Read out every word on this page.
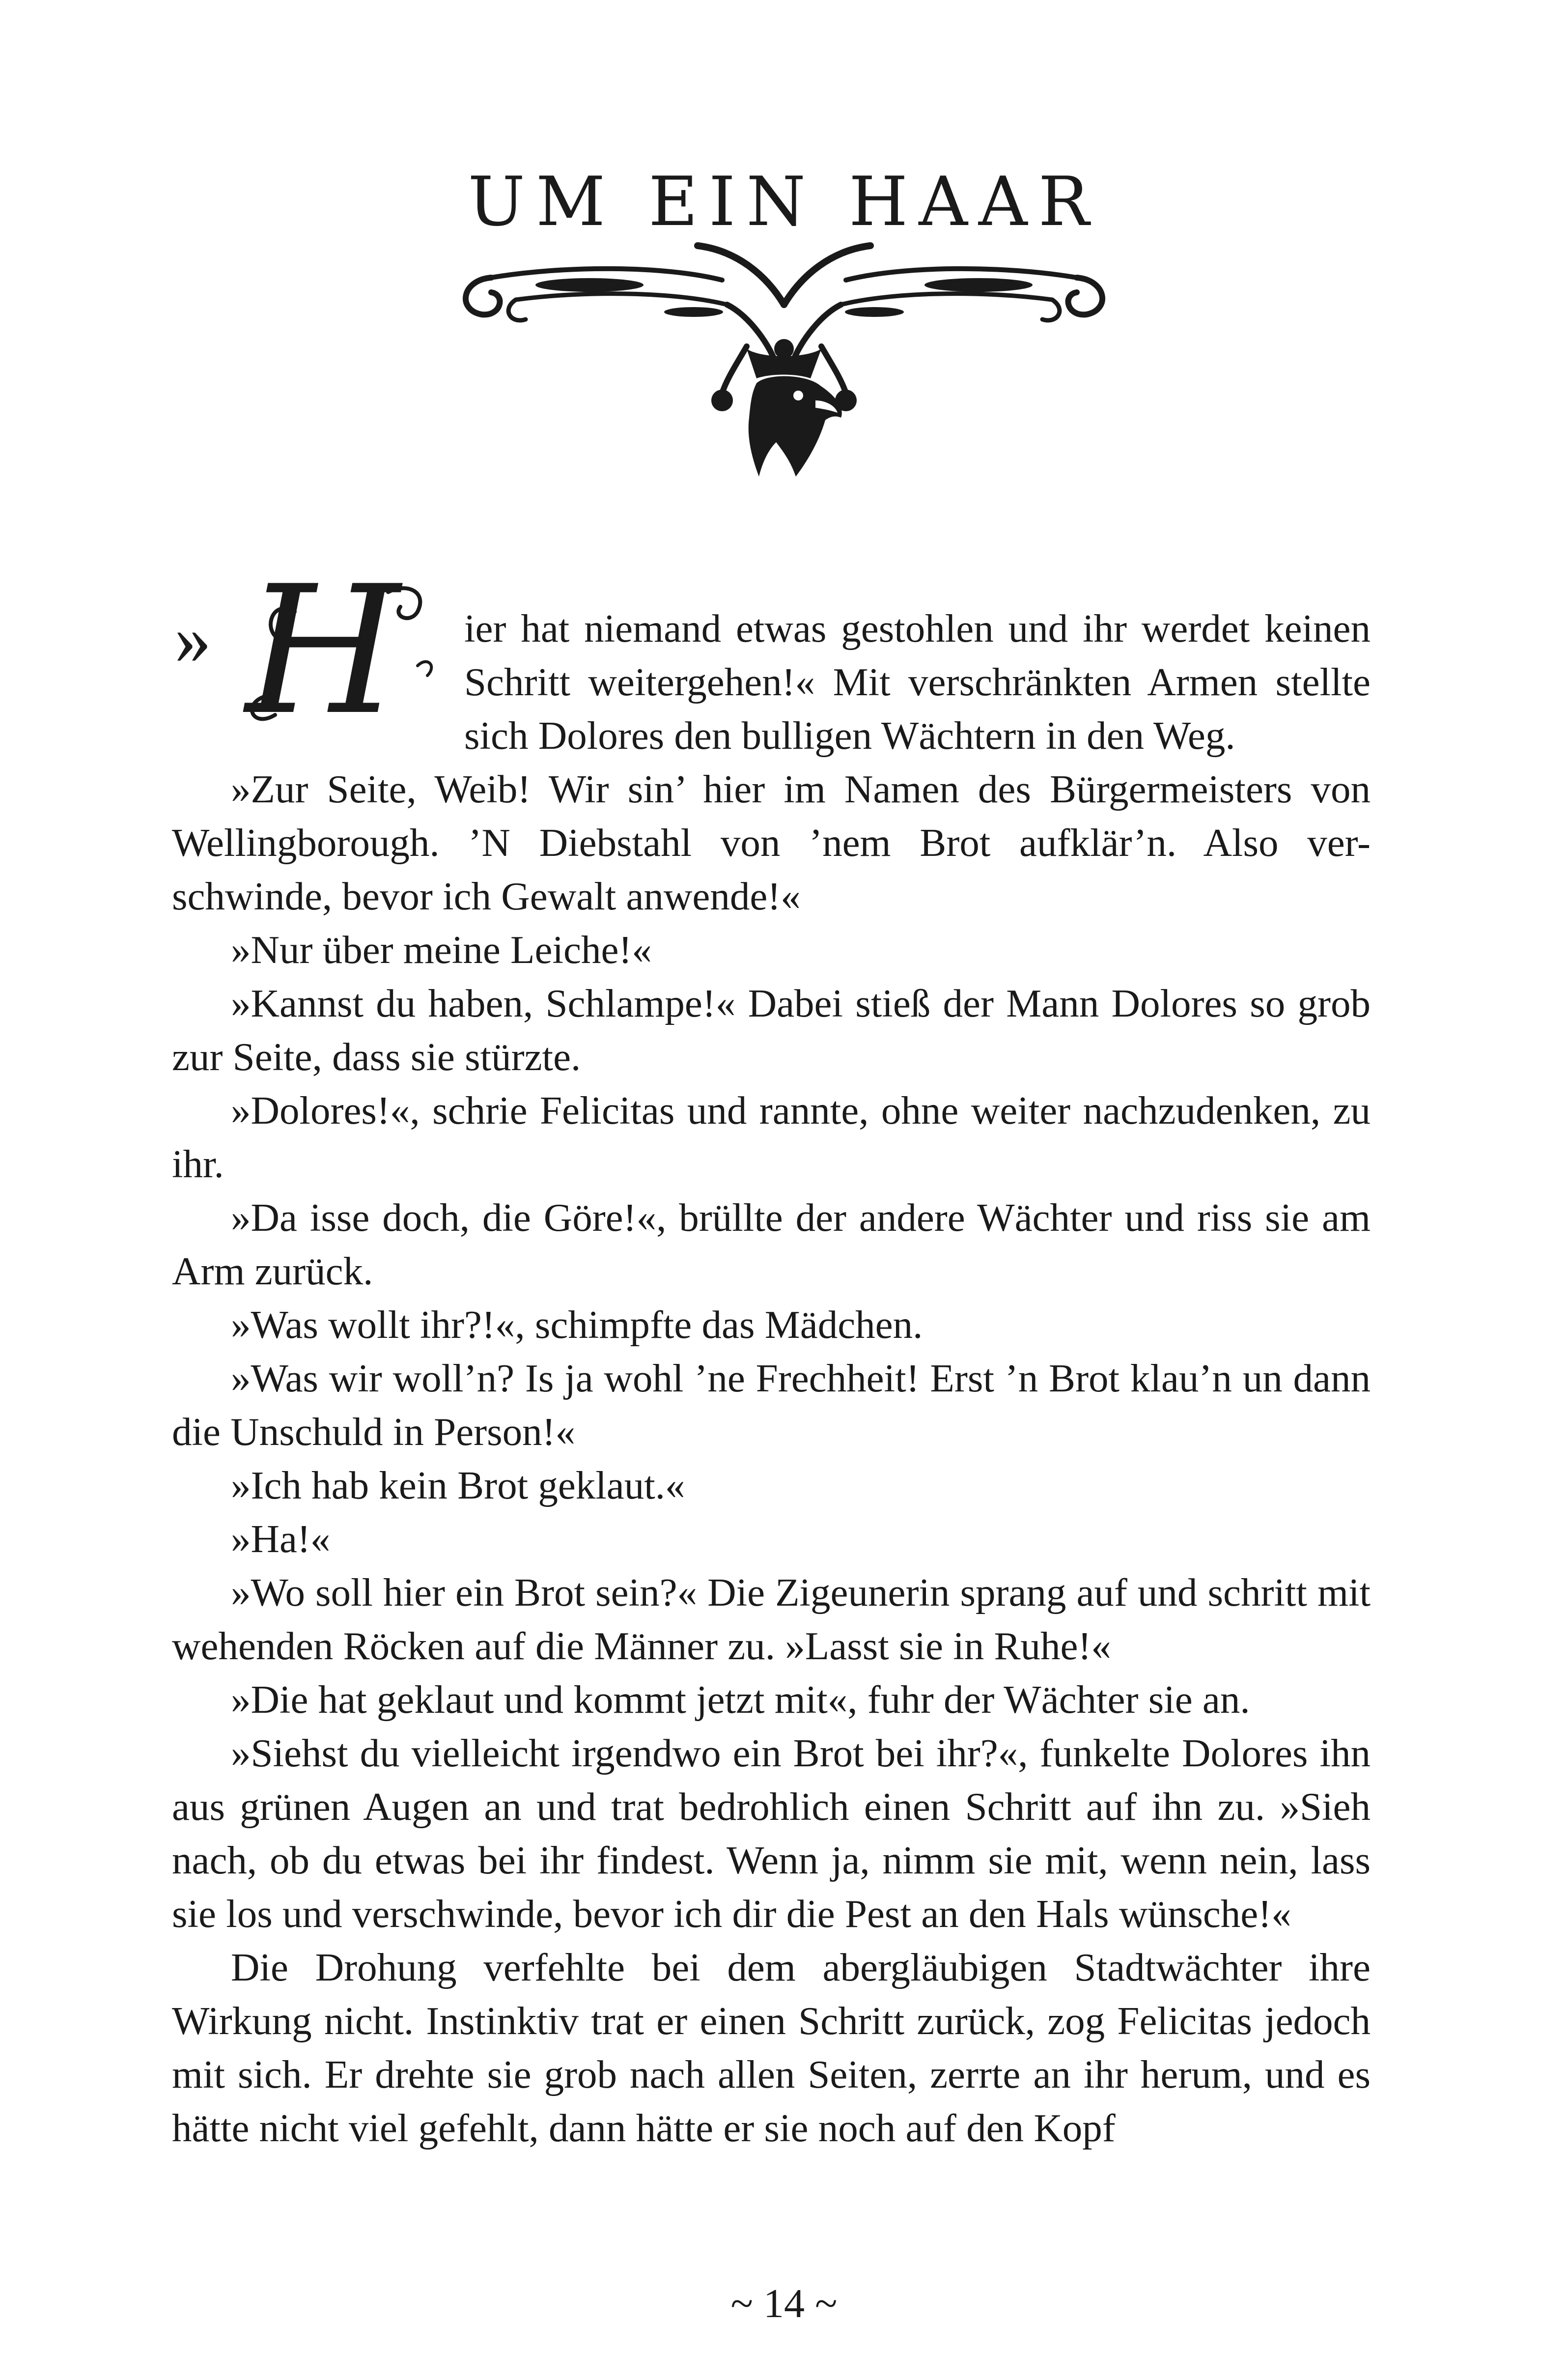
UM EIN HAAR

» H ier hat niemand etwas gestohlen und ihr werdet keinen Schritt weitergehen!« Mit verschränkten Armen stellte sich Dolores den bulligen Wächtern in den Weg.

»Zur Seite, Weib! Wir sin’ hier im Namen des Bürgermeisters von Wellingborough. ’N Diebstahl von ’nem Brot aufklär’n. Also ver-schwinde, bevor ich Gewalt anwende!«

»Nur über meine Leiche!«

»Kannst du haben, Schlampe!« Dabei stieß der Mann Dolores so grob zur Seite, dass sie stürzte.

»Dolores!«, schrie Felicitas und rannte, ohne weiter nachzudenken, zu ihr.

»Da isse doch, die Göre!«, brüllte der andere Wächter und riss sie am Arm zurück.

»Was wollt ihr?!«, schimpfte das Mädchen.

»Was wir woll’n? Is ja wohl ’ne Frechheit! Erst ’n Brot klau’n un dann die Unschuld in Person!«

»Ich hab kein Brot geklaut.«

»Ha!«

»Wo soll hier ein Brot sein?« Die Zigeunerin sprang auf und schritt mit wehenden Röcken auf die Männer zu. »Lasst sie in Ruhe!«

»Die hat geklaut und kommt jetzt mit«, fuhr der Wächter sie an.

»Siehst du vielleicht irgendwo ein Brot bei ihr?«, funkelte Dolores ihn aus grünen Augen an und trat bedrohlich einen Schritt auf ihn zu. »Sieh nach, ob du etwas bei ihr findest. Wenn ja, nimm sie mit, wenn nein, lass sie los und verschwinde, bevor ich dir die Pest an den Hals wünsche!«

Die Drohung verfehlte bei dem abergläubigen Stadtwächter ihre Wirkung nicht. Instinktiv trat er einen Schritt zurück, zog Felicitas jedoch mit sich. Er drehte sie grob nach allen Seiten, zerrte an ihr herum, und es hätte nicht viel gefehlt, dann hätte er sie noch auf den Kopf

~ 14 ~
